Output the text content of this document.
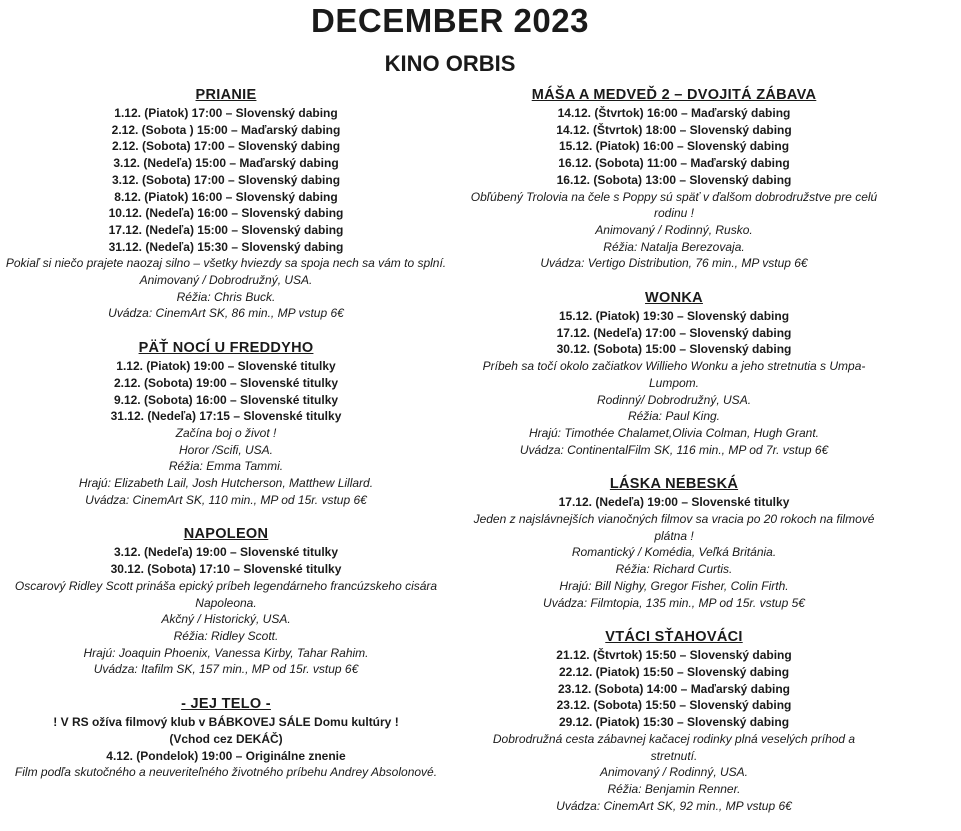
DECEMBER 2023
KINO ORBIS
PRIANIE
1.12. (Piatok) 17:00 – Slovenský dabing
2.12. (Sobota ) 15:00 – Maďarský dabing
2.12. (Sobota) 17:00 – Slovenský dabing
3.12. (Nedeľa) 15:00 – Maďarský dabing
3.12. (Sobota) 17:00 – Slovenský dabing
8.12. (Piatok) 16:00 – Slovenský dabing
10.12. (Nedeľa) 16:00 – Slovenský dabing
17.12. (Nedeľa) 15:00 – Slovenský dabing
31.12. (Nedeľa) 15:30 – Slovenský dabing
Pokiaľ si niečo prajete naozaj silno – všetky hviezdy sa spoja nech sa vám to splní. Animovaný / Dobrodružný, USA.
Réžia: Chris Buck.
Uvádza: CinemArt SK, 86 min., MP vstup 6€
PÄŤ NOCÍ U FREDDYHO
1.12. (Piatok) 19:00 – Slovenské titulky
2.12. (Sobota) 19:00 – Slovenské titulky
9.12. (Sobota) 16:00 – Slovenské titulky
31.12. (Nedeľa) 17:15 – Slovenské titulky
Začína boj o život !
Horor /Scifi, USA.
Réžia: Emma Tammi.
Hrajú: Elizabeth Lail, Josh Hutcherson, Matthew Lillard.
Uvádza: CinemArt SK, 110 min., MP od 15r. vstup 6€
NAPOLEON
3.12. (Nedeľa) 19:00 – Slovenské titulky
30.12. (Sobota) 17:10 – Slovenské titulky
Oscarový Ridley Scott prináša epický príbeh legendárneho francúzskeho cisára Napoleona.
Akčný / Historický, USA.
Réžia: Ridley Scott.
Hrajú: Joaquin Phoenix, Vanessa Kirby, Tahar Rahim.
Uvádza: Itafilm SK, 157 min., MP od 15r. vstup 6€
- JEJ TELO -
! V RS ožíva filmový klub v BÁBKOVEJ SÁLE Domu kultúry !
(Vchod cez DEKÁČ)
4.12. (Pondelok) 19:00 – Originálne znenie
Film podľa skutočného a neuveriteľného životného príbehu Andrey Absolonové.
MÁŠA A MEDVEĎ 2 – DVOJITÁ ZÁBAVA
14.12. (Štvrtok) 16:00 – Maďarský dabing
14.12. (Štvrtok) 18:00 – Slovenský dabing
15.12. (Piatok) 16:00 – Slovenský dabing
16.12. (Sobota) 11:00 – Maďarský dabing
16.12. (Sobota) 13:00 – Slovenský dabing
Obľúbený Trolovia na čele s Poppy sú späť v ďalšom dobrodružstve pre celú rodinu !
Animovaný / Rodinný, Rusko.
Réžia: Natalja Berezovaja.
Uvádza: Vertigo Distribution, 76 min., MP vstup 6€
WONKA
15.12. (Piatok) 19:30 – Slovenský dabing
17.12. (Nedeľa) 17:00 – Slovenský dabing
30.12. (Sobota) 15:00 – Slovenský dabing
Príbeh sa točí okolo začiatkov Willieho Wonku a jeho stretnutia s Umpa-Lumpom.
Rodinný/ Dobrodružný, USA.
Réžia: Paul King.
Hrajú: Timothée Chalamet,Olivia Colman, Hugh Grant.
Uvádza: ContinentalFilm SK, 116 min., MP od 7r. vstup 6€
LÁSKA NEBESKÁ
17.12. (Nedeľa) 19:00 – Slovenské titulky
Jeden z najslávnejších vianočných filmov sa vracia po 20 rokoch na filmové plátna !
Romantický / Komédia, Veľká Británia.
Réžia: Richard Curtis.
Hrajú: Bill Nighy, Gregor Fisher, Colin Firth.
Uvádza: Filmtopia, 135 min., MP od 15r. vstup 5€
VTÁCI SŤAHOVÁCI
21.12. (Štvrtok) 15:50 – Slovenský dabing
22.12. (Piatok) 15:50 – Slovenský dabing
23.12. (Sobota) 14:00 – Maďarský dabing
23.12. (Sobota) 15:50 – Slovenský dabing
29.12. (Piatok) 15:30 – Slovenský dabing
Dobrodružná cesta zábavnej kačacej rodinky plná veselých príhod a stretnutí.
Animovaný / Rodinný, USA.
Réžia: Benjamin Renner.
Uvádza: CinemArt SK, 92 min., MP vstup 6€
